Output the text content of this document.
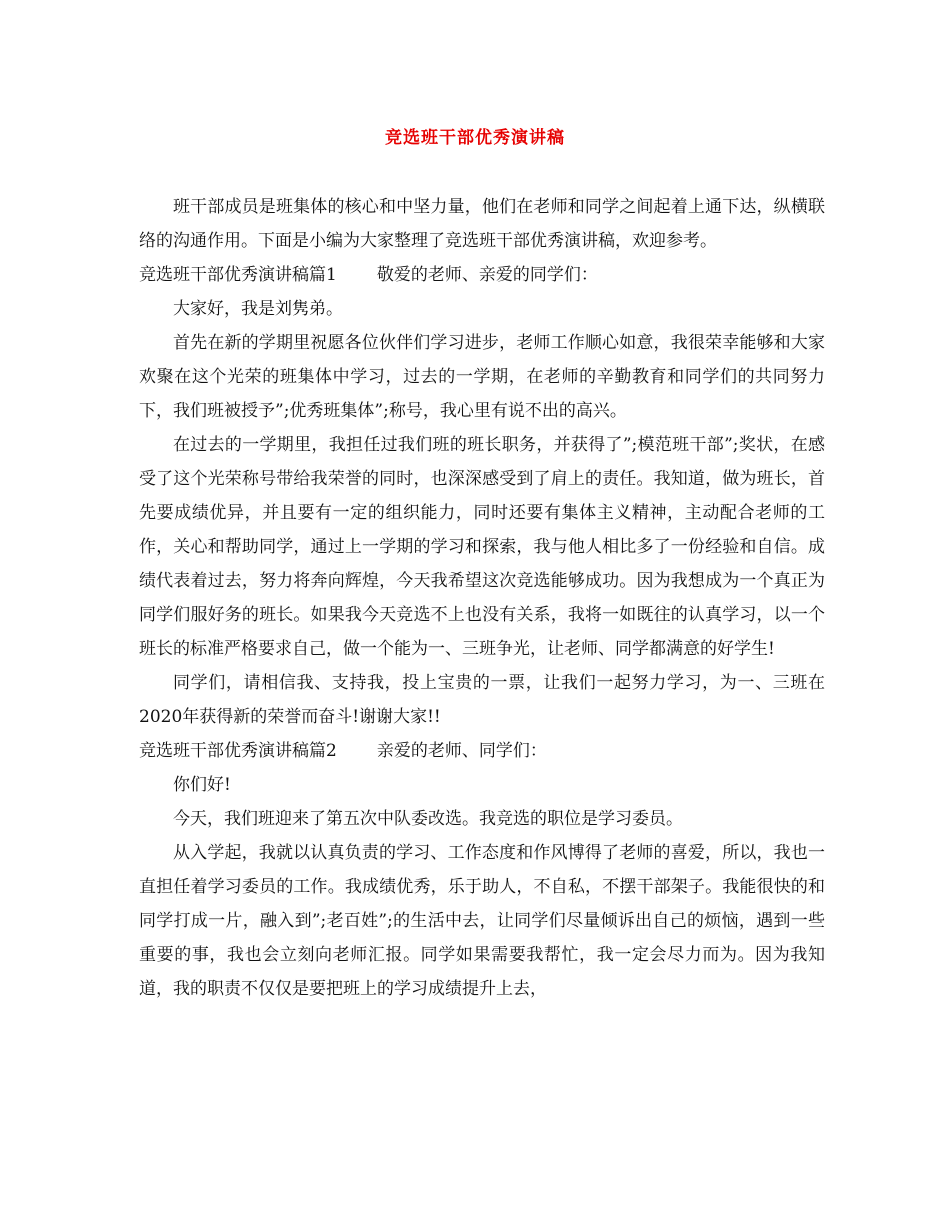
竞选班干部优秀演讲稿

班干部成员是班集体的核心和中坚力量，他们在老师和同学之间起着上通下达，纵横联络的沟通作用。下面是小编为大家整理了竞选班干部优秀演讲稿，欢迎参考。

竞选班干部优秀演讲稿篇1 敬爱的老师、亲爱的同学们：

大家好，我是刘隽弟。

首先在新的学期里祝愿各位伙伴们学习进步，老师工作顺心如意，我很荣幸能够和大家欢聚在这个光荣的班集体中学习，过去的一学期，在老师的辛勤教育和同学们的共同努力下，我们班被授予”;优秀班集体”;称号，我心里有说不出的高兴。

在过去的一学期里，我担任过我们班的班长职务，并获得了”;模范班干部”;奖状，在感受了这个光荣称号带给我荣誉的同时，也深深感受到了肩上的责任。我知道，做为班长，首先要成绩优异，并且要有一定的组织能力，同时还要有集体主义精神，主动配合老师的工作，关心和帮助同学，通过上一学期的学习和探索，我与他人相比多了一份经验和自信。成绩代表着过去，努力将奔向辉煌，今天我希望这次竞选能够成功。因为我想成为一个真正为同学们服好务的班长。如果我今天竞选不上也没有关系，我将一如既往的认真学习，以一个班长的标准严格要求自己，做一个能为一、三班争光，让老师、同学都满意的好学生!

同学们，请相信我、支持我，投上宝贵的一票，让我们一起努力学习，为一、三班在2020年获得新的荣誉而奋斗!谢谢大家!!

竞选班干部优秀演讲稿篇2 亲爱的老师、同学们：

你们好!

今天，我们班迎来了第五次中队委改选。我竞选的职位是学习委员。

从入学起，我就以认真负责的学习、工作态度和作风博得了老师的喜爱，所以，我也一直担任着学习委员的工作。我成绩优秀，乐于助人，不自私，不摆干部架子。我能很快的和同学打成一片，融入到”;老百姓”;的生活中去，让同学们尽量倾诉出自己的烦恼，遇到一些重要的事，我也会立刻向老师汇报。同学如果需要我帮忙，我一定会尽力而为。因为我知道，我的职责不仅仅是要把班上的学习成绩提升上去，
